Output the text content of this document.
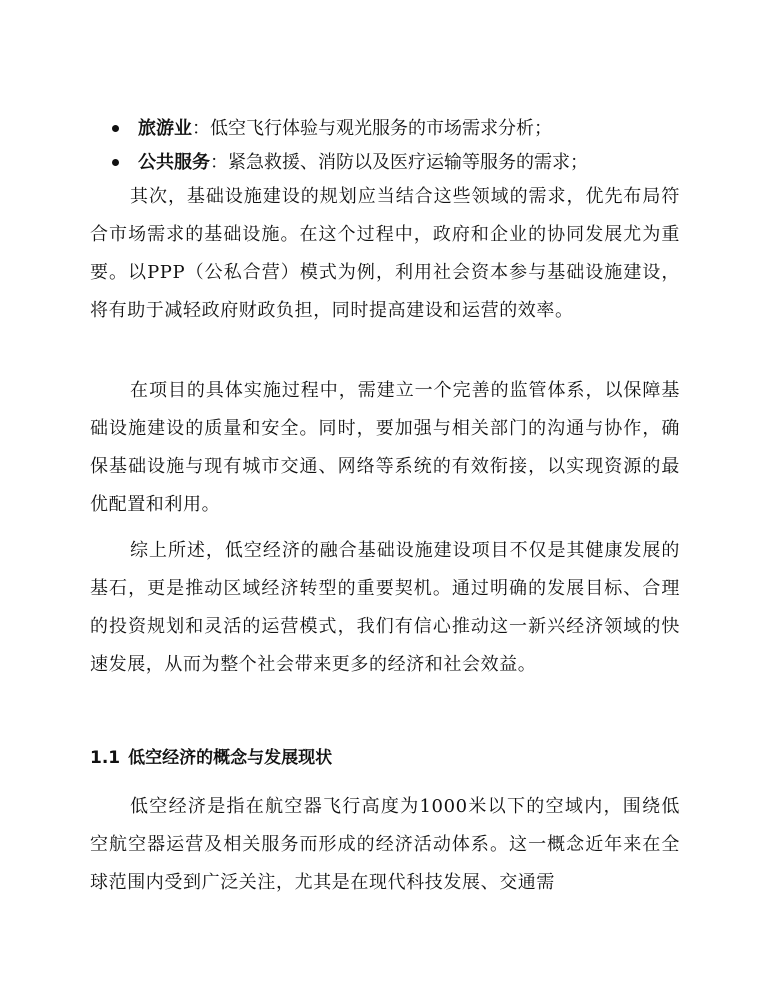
旅游业：低空飞行体验与观光服务的市场需求分析；
公共服务：紧急救援、消防以及医疗运输等服务的需求；

其次，基础设施建设的规划应当结合这些领域的需求，优先布局符合市场需求的基础设施。在这个过程中，政府和企业的协同发展尤为重要。以PPP（公私合营）模式为例，利用社会资本参与基础设施建设，将有助于减轻政府财政负担，同时提高建设和运营的效率。

在项目的具体实施过程中，需建立一个完善的监管体系，以保障基础设施建设的质量和安全。同时，要加强与相关部门的沟通与协作，确保基础设施与现有城市交通、网络等系统的有效衔接，以实现资源的最优配置和利用。

综上所述，低空经济的融合基础设施建设项目不仅是其健康发展的基石，更是推动区域经济转型的重要契机。通过明确的发展目标、合理的投资规划和灵活的运营模式，我们有信心推动这一新兴经济领域的快速发展，从而为整个社会带来更多的经济和社会效益。

1.1 低空经济的概念与发展现状

低空经济是指在航空器飞行高度为1000米以下的空域内，围绕低空航空器运营及相关服务而形成的经济活动体系。这一概念近年来在全球范围内受到广泛关注，尤其是在现代科技发展、交通需
